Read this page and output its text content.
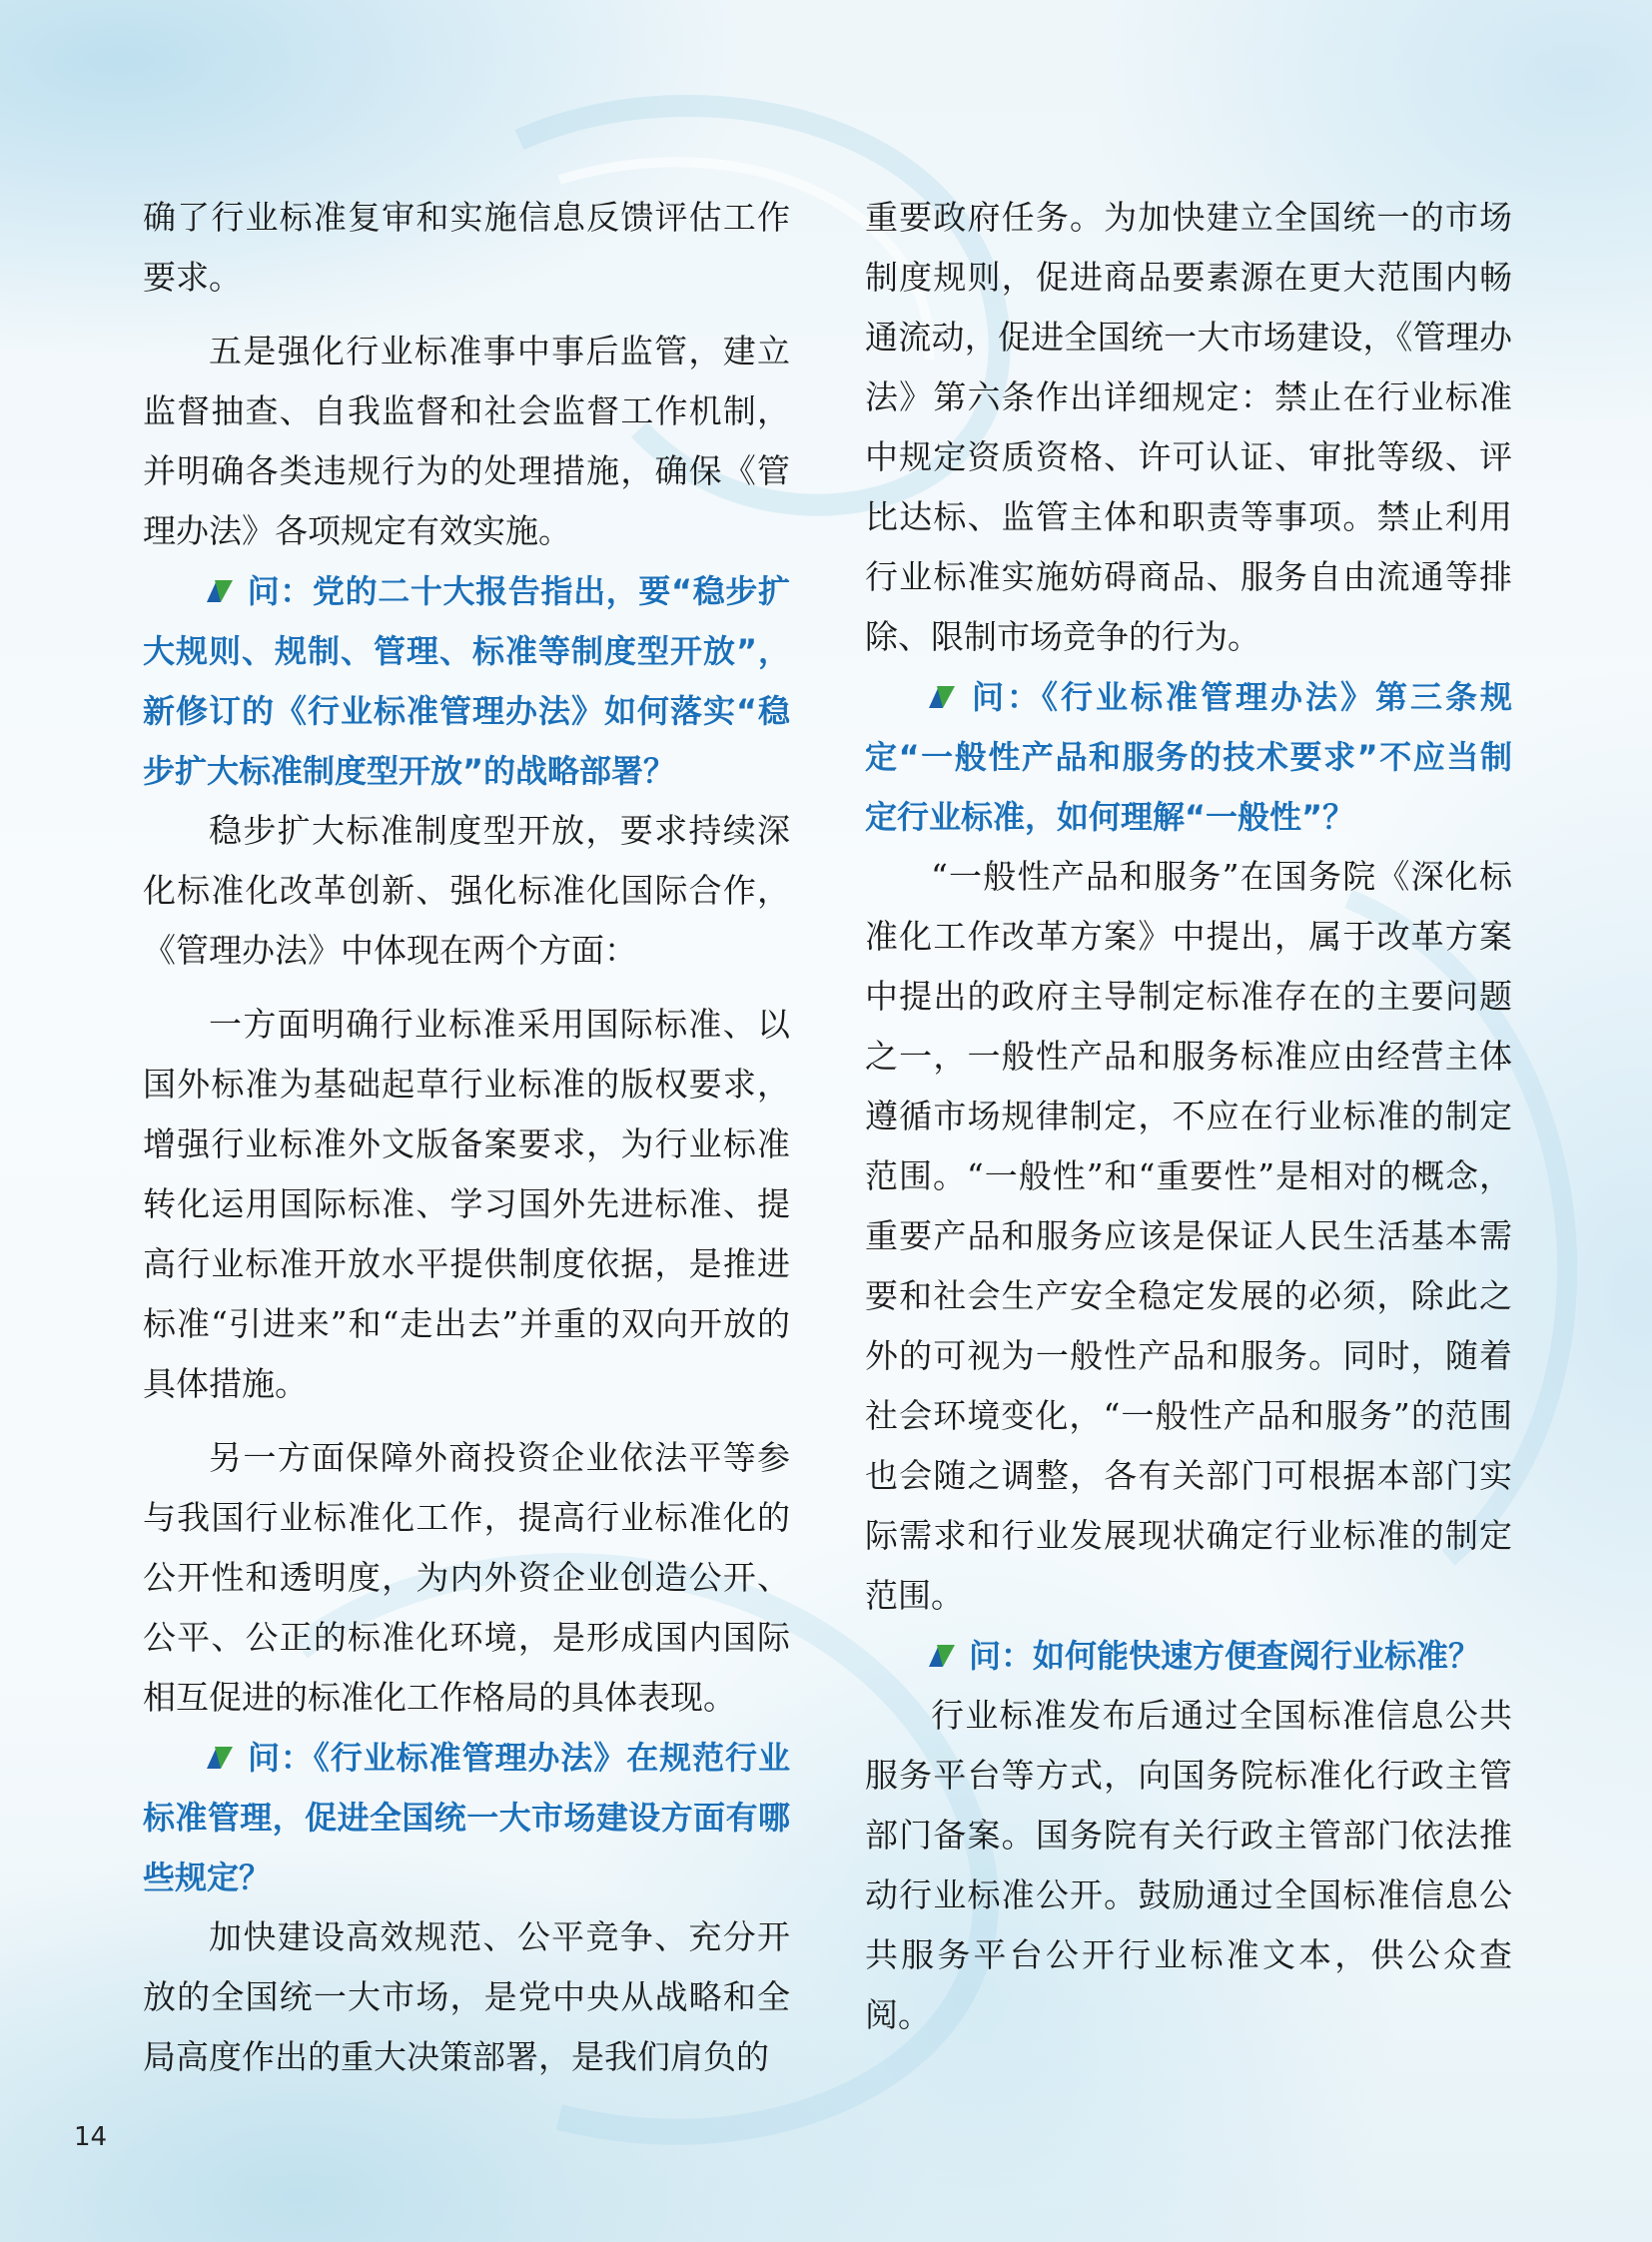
确了行业标准复审和实施信息反馈评估工作要求。

五是强化行业标准事中事后监管，建立监督抽查、自我监督和社会监督工作机制，并明确各类违规行为的处理措施，确保《管理办法》各项规定有效实施。

问：党的二十大报告指出，要“稳步扩大规则、规制、管理、标准等制度型开放”，新修订的《行业标准管理办法》如何落实“稳步扩大标准制度型开放”的战略部署？

稳步扩大标准制度型开放，要求持续深化标准化改革创新、强化标准化国际合作，《管理办法》中体现在两个方面：

一方面明确行业标准采用国际标准、以国外标准为基础起草行业标准的版权要求，增强行业标准外文版备案要求，为行业标准转化运用国际标准、学习国外先进标准、提高行业标准开放水平提供制度依据，是推进标准“引进来”和“走出去”并重的双向开放的具体措施。

另一方面保障外商投资企业依法平等参与我国行业标准化工作，提高行业标准化的公开性和透明度，为内外资企业创造公开、公平、公正的标准化环境，是形成国内国际相互促进的标准化工作格局的具体表现。

问：《行业标准管理办法》在规范行业标准管理，促进全国统一大市场建设方面有哪些规定？

加快建设高效规范、公平竞争、充分开放的全国统一大市场，是党中央从战略和全局高度作出的重大决策部署，是我们肩负的

重要政府任务。为加快建立全国统一的市场制度规则，促进商品要素源在更大范围内畅通流动，促进全国统一大市场建设，《管理办法》第六条作出详细规定：禁止在行业标准中规定资质资格、许可认证、审批等级、评比达标、监管主体和职责等事项。禁止利用行业标准实施妨碍商品、服务自由流通等排除、限制市场竞争的行为。

问：《行业标准管理办法》第三条规定“一般性产品和服务的技术要求”不应当制定行业标准，如何理解“一般性”？

“一般性产品和服务”在国务院《深化标准化工作改革方案》中提出，属于改革方案中提出的政府主导制定标准存在的主要问题之一，一般性产品和服务标准应由经营主体遵循市场规律制定，不应在行业标准的制定范围。“一般性”和“重要性”是相对的概念，重要产品和服务应该是保证人民生活基本需要和社会生产安全稳定发展的必须，除此之外的可视为一般性产品和服务。同时，随着社会环境变化，“一般性产品和服务”的范围也会随之调整，各有关部门可根据本部门实际需求和行业发展现状确定行业标准的制定范围。

问：如何能快速方便查阅行业标准？

行业标准发布后通过全国标准信息公共服务平台等方式，向国务院标准化行政主管部门备案。国务院有关行政主管部门依法推动行业标准公开。鼓励通过全国标准信息公共服务平台公开行业标准文本，供公众查阅。

14
